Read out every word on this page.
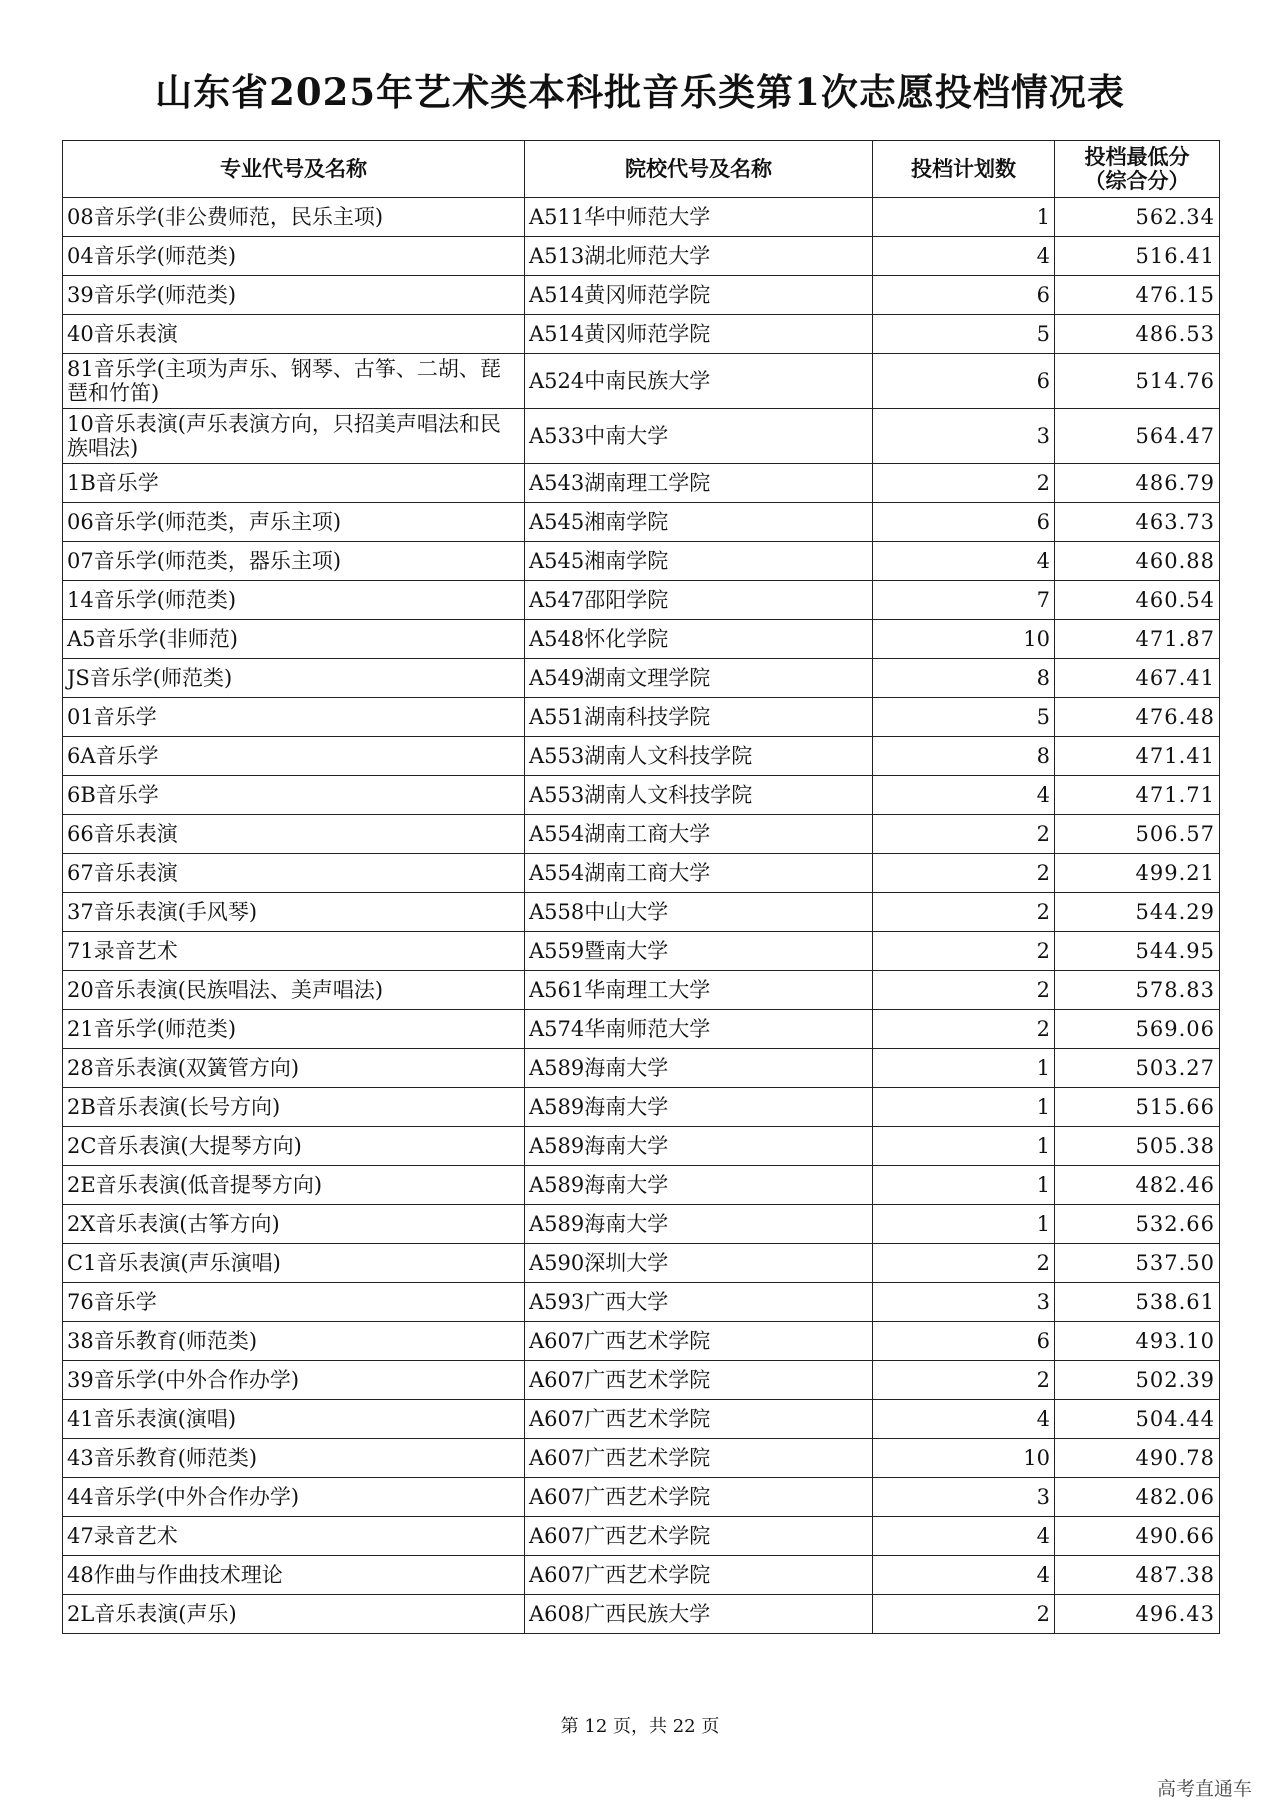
山东省2025年艺术类本科批音乐类第1次志愿投档情况表
专业代号及名称	院校代号及名称	投档计划数	投档最低分
（综合分）

08音乐学(非公费师范，民乐主项)	A511华中师范大学	1	562.34
04音乐学(师范类)	A513湖北师范大学	4	516.41
39音乐学(师范类)	A514黄冈师范学院	6	476.15
40音乐表演	A514黄冈师范学院	5	486.53
81音乐学(主项为声乐、钢琴、古筝、二胡、琵琶和竹笛)	A524中南民族大学	6	514.76
10音乐表演(声乐表演方向，只招美声唱法和民族唱法)	A533中南大学	3	564.47
1B音乐学	A543湖南理工学院	2	486.79
06音乐学(师范类，声乐主项)	A545湘南学院	6	463.73
07音乐学(师范类，器乐主项)	A545湘南学院	4	460.88
14音乐学(师范类)	A547邵阳学院	7	460.54
A5音乐学(非师范)	A548怀化学院	10	471.87
JS音乐学(师范类)	A549湖南文理学院	8	467.41
01音乐学	A551湖南科技学院	5	476.48
6A音乐学	A553湖南人文科技学院	8	471.41
6B音乐学	A553湖南人文科技学院	4	471.71
66音乐表演	A554湖南工商大学	2	506.57
67音乐表演	A554湖南工商大学	2	499.21
37音乐表演(手风琴)	A558中山大学	2	544.29
71录音艺术	A559暨南大学	2	544.95
20音乐表演(民族唱法、美声唱法)	A561华南理工大学	2	578.83
21音乐学(师范类)	A574华南师范大学	2	569.06
28音乐表演(双簧管方向)	A589海南大学	1	503.27
2B音乐表演(长号方向)	A589海南大学	1	515.66
2C音乐表演(大提琴方向)	A589海南大学	1	505.38
2E音乐表演(低音提琴方向)	A589海南大学	1	482.46
2X音乐表演(古筝方向)	A589海南大学	1	532.66
C1音乐表演(声乐演唱)	A590深圳大学	2	537.50
76音乐学	A593广西大学	3	538.61
38音乐教育(师范类)	A607广西艺术学院	6	493.10
39音乐学(中外合作办学)	A607广西艺术学院	2	502.39
41音乐表演(演唱)	A607广西艺术学院	4	504.44
43音乐教育(师范类)	A607广西艺术学院	10	490.78
44音乐学(中外合作办学)	A607广西艺术学院	3	482.06
47录音艺术	A607广西艺术学院	4	490.66
48作曲与作曲技术理论	A607广西艺术学院	4	487.38
2L音乐表演(声乐)	A608广西民族大学	2	496.43
第 12 页，共 22 页
高考直通车
